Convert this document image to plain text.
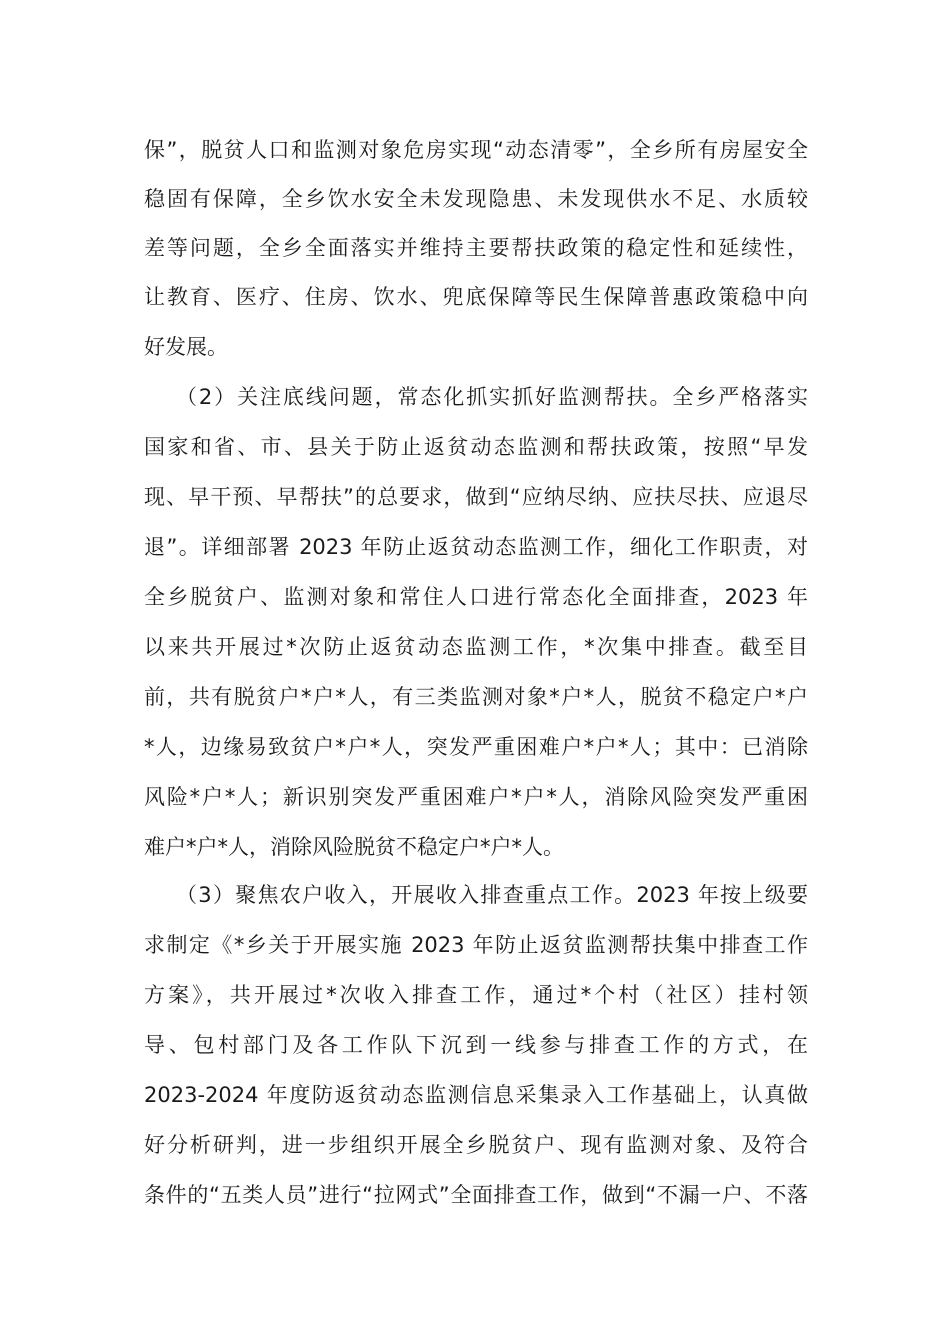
保”，脱贫人口和监测对象危房实现“动态清零”，全乡所有房屋安全
稳固有保障，全乡饮水安全未发现隐患、未发现供水不足、水质较
差等问题，全乡全面落实并维持主要帮扶政策的稳定性和延续性，
让教育、医疗、住房、饮水、兜底保障等民生保障普惠政策稳中向
好发展。
（2）关注底线问题，常态化抓实抓好监测帮扶。全乡严格落实
国家和省、市、县关于防止返贫动态监测和帮扶政策，按照“早发
现、早干预、早帮扶”的总要求，做到“应纳尽纳、应扶尽扶、应退尽
退”。详细部署 2023 年防止返贫动态监测工作，细化工作职责，对
全乡脱贫户、监测对象和常住人口进行常态化全面排查，2023 年
以来共开展过*次防止返贫动态监测工作，*次集中排查。截至目
前，共有脱贫户*户*人，有三类监测对象*户*人，脱贫不稳定户*户
*人，边缘易致贫户*户*人，突发严重困难户*户*人；其中：已消除
风险*户*人；新识别突发严重困难户*户*人，消除风险突发严重困
难户*户*人，消除风险脱贫不稳定户*户*人。
（3）聚焦农户收入，开展收入排查重点工作。2023 年按上级要
求制定《*乡关于开展实施 2023 年防止返贫监测帮扶集中排查工作
方案》，共开展过*次收入排查工作，通过*个村（社区）挂村领
导、包村部门及各工作队下沉到一线参与排查工作的方式，在
2023-2024 年度防返贫动态监测信息采集录入工作基础上，认真做
好分析研判，进一步组织开展全乡脱贫户、现有监测对象、及符合
条件的“五类人员”进行“拉网式”全面排查工作，做到“不漏一户、不落
